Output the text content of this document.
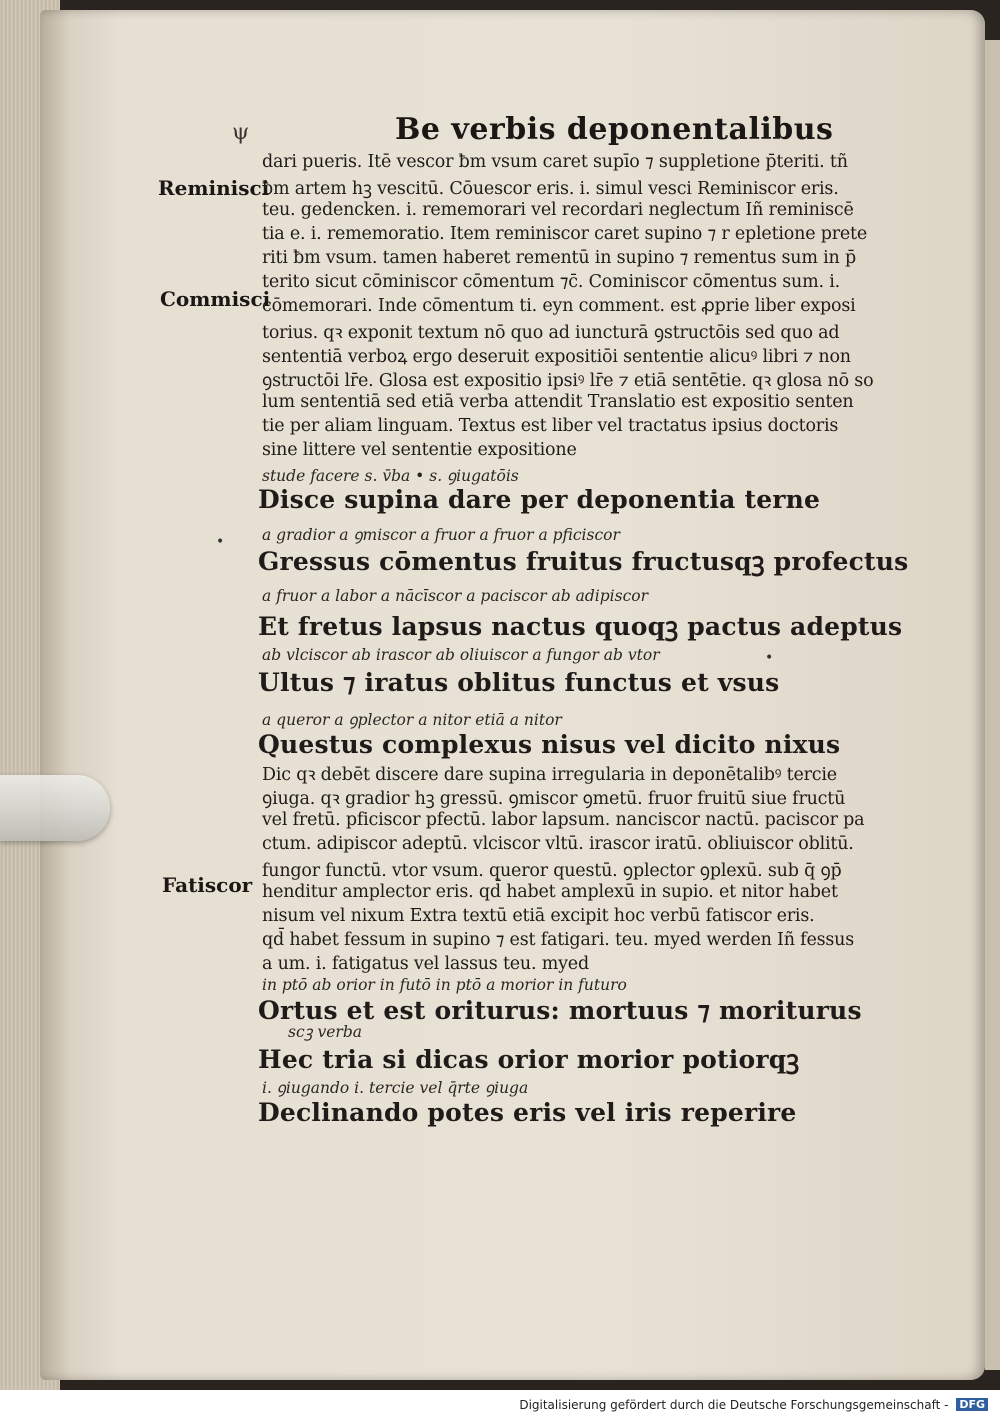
ψ	Be verbis deponentalibus
Reminisci
Commisci
Fatiscor
dari pueris. Itē vescor ƀm vsum caret supīo ⁊ suppletione p̄teriti. tñ
ƀm artem hꝫ vescitū. Cōuescor eris. i. simul vesci Reminiscor eris.
teu. gedencken. i. rememorari vel recordari neglectum Iñ reminiscē
tia e. i. rememoratio. Item reminiscor caret supino ⁊ r epletione prete
riti ƀm vsum. tamen haberet rementū in supino ⁊ rementus sum in p̄
terito sicut cōminiscor cōmentum ⁊c̄. Cominiscor cōmentus sum. i.
cōmemorari. Inde cōmentum ti. eyn comment. est ꝓprie liber exposi
torius. qꝛ exponit textum nō quo ad iuncturā ꝯstructōis sed quo ad
sententiā verboꝝ ergo deseruit expositiōi sententie alicuꝰ libri ⁊ non
ꝯstructōi lr̄e. Glosa est expositio ipsiꝰ lr̄e ⁊ etiā sentētie. qꝛ glosa nō so
lum sententiā sed etiā verba attendit Translatio est expositio senten
tie per aliam linguam. Textus est liber vel tractatus ipsius doctoris
sine littere vel sententie expositione
stude facere s. v̄ba • s. ꝯiugatōis
Disce supina dare per deponentia terne
a gradior a ꝯmiscor a fruor a fruor a pficiscor
Gressus cōmentus fruitus fructusqꝫ profectus
a fruor a labor a nācīscor a paciscor ab adipiscor
Et fretus lapsus nactus quoqꝫ pactus adeptus
ab vlciscor ab irascor ab oliuiscor a fungor ab vtor
Ultus ⁊ iratus oblitus functus et vsus
a queror a ꝯplector a nitor etiā a nitor
Questus complexus nisus vel dicito nixus
Dic qꝛ debēt discere dare supina irregularia in deponētalibꝰ tercie
ꝯiuga. qꝛ gradior hꝫ gressū. ꝯmiscor ꝯmetū. fruor fruitū siue fructū
vel fretū. pficiscor pfectū. labor lapsum. nanciscor nactū. paciscor pa
ctum. adipiscor adeptū. vlciscor vltū. irascor iratū. obliuiscor oblitū.
fungor functū. vtor vsum. queror questū. ꝯplector ꝯplexū. sub q̄ ꝯp̄
henditur amplector eris. qd̄ habet amplexū in supio. et nitor habet
nisum vel nixum Extra textū etiā excipit hoc verbū fatiscor eris.
qd̄ habet fessum in supino ⁊ est fatigari. teu. myed werden Iñ fessus
a um. i. fatigatus vel lassus teu. myed
in ptō ab orior in futō in ptō a morior in futuro
Ortus et est oriturus: mortuus ⁊ moriturus
scꝫ verba
Hec tria si dicas orior morior potiorqꝫ
i. ꝯiugando i. tercie vel q̄rte ꝯiuga
Declinando potes eris vel iris reperire
•
•
Digitalisierung gefördert durch die Deutsche Forschungsgemeinschaft - DFG
